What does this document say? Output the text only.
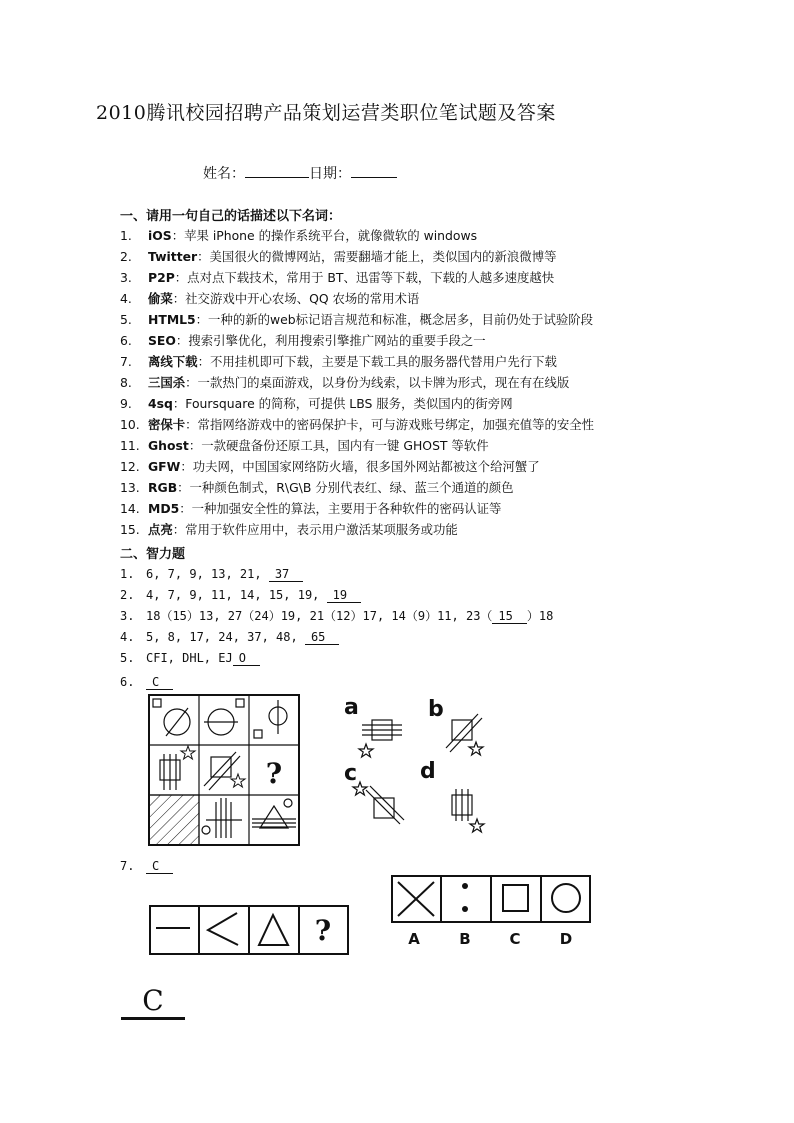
2010腾讯校园招聘产品策划运营类职位笔试题及答案
姓名：	日期：
一、请用一句自己的话描述以下名词：
1.	iOS：苹果 iPhone 的操作系统平台，就像微软的 windows
2.	Twitter：美国很火的微博网站，需要翻墙才能上，类似国内的新浪微博等
3.	P2P：点对点下载技术，常用于 BT、迅雷等下载，下载的人越多速度越快
4.	偷菜：社交游戏中开心农场、QQ 农场的常用术语
5.	HTML5：一种的新的web标记语言规范和标准，概念居多，目前仍处于试验阶段
6.	SEO：搜索引擎优化，利用搜索引擎推广网站的重要手段之一
7.	离线下载：不用挂机即可下载，主要是下载工具的服务器代替用户先行下载
8.	三国杀：一款热门的桌面游戏，以身份为线索，以卡牌为形式，现在有在线版
9.	4sq：Foursquare 的简称，可提供 LBS 服务，类似国内的街旁网
10. 密保卡：常指网络游戏中的密码保护卡，可与游戏账号绑定，加强充值等的安全性
11. Ghost：一款硬盘备份还原工具，国内有一键 GHOST 等软件
12. GFW：功夫网，中国国家网络防火墙，很多国外网站都被这个给河蟹了
13. RGB：一种颜色制式，R\G\B 分别代表红、绿、蓝三个通道的颜色
14. MD5：一种加强安全性的算法，主要用于各种软件的密码认证等
15. 点亮：常用于软件应用中，表示用户激活某项服务或功能
二、智力题
1. 6, 7, 9, 13, 21, 37
2. 4, 7, 9, 11, 14, 15, 19, 19
3. 18（15）13, 27（24）19, 21（12）17, 14（9）11, 23（ 15 ）18
4. 5, 8, 17, 24, 37, 48, 65
5. CFI, DHL, EJ O
6.	C
7.	C
?
a	b
c	d
?	A	B	C	D
C
